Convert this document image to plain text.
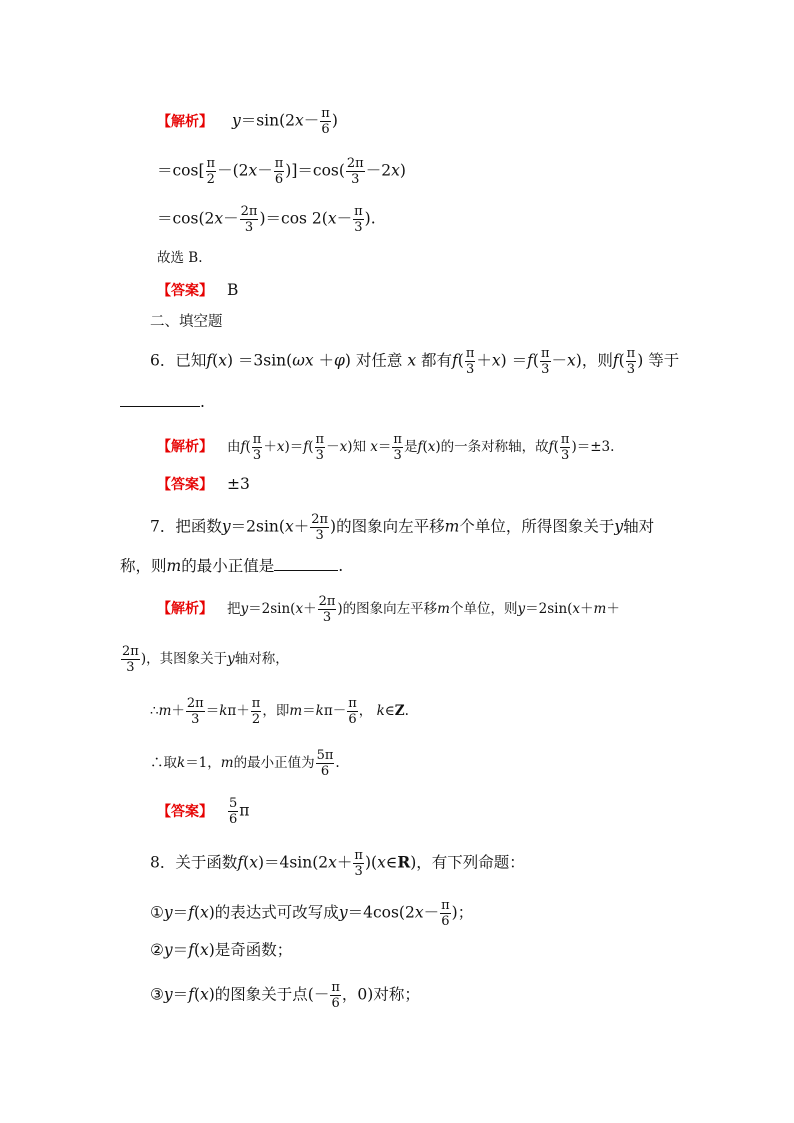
【解析】 $y=\sin(2x- \frac{\pi}{6}$ )
$=\cos[ \frac{\pi}{2} -(2x- \frac{\pi}{6} )]=\cos( \frac{2\pi}{3} -2x)$
$=\cos(2x- \frac{2\pi}{3} )=\cos$ $2(x- \frac{\pi}{3}$ ).
故选 B.
【答案】 B
二、填空题
6．已知f(x) ＝3sin(ωx ＋φ) 对任意 x 都有$f( \frac{\pi}{3} +x) =f( \frac{\pi}{3} -x)$，则$f( \frac{\pi}{3}$ ) 等于
.
【解析】 由$f( \frac{\pi}{3} +x)=f( \frac{\pi}{3} -x)$知 $x= \frac{\pi}{3}$ 是f(x)的一条对称轴，故$f( \frac{\pi}{3} )=\pm 3$.
【答案】 ±3
7．把函数$y=2\sin(x+ \frac{2\pi}{3}$ )的图象向左平移m个单位，所得图象关于y轴对
称，则m的最小正值是	.
【解析】 把$y=2\sin(x+ \frac{2\pi}{3}$ )的图象向左平移m个单位，则y＝2sin(x＋m＋
$\frac{2\pi}{3}$ )，其图象关于y轴对称，
∴m＋ $\frac{2\pi}{3} =k\pi+ \frac{\pi}{2}$ ，即$m=k\pi- \frac{\pi}{6}$ ， k∈Z.
∴取k＝1，m的最小正值为 $\frac{5\pi}{6}$ .
【答案】 $\frac{5}{6}$ π
8．关于函数$f(x)=4\sin(2x+ \frac{\pi}{3}$ )(x∈R)，有下列命题：
①y＝f(x)的表达式可改写成$y=4\cos(2x- \frac{\pi}{6}$ )；
②y＝f(x)是奇函数；
③y＝f(x)的图象关于点(－ $\frac{\pi}{6}$ ，0)对称；
